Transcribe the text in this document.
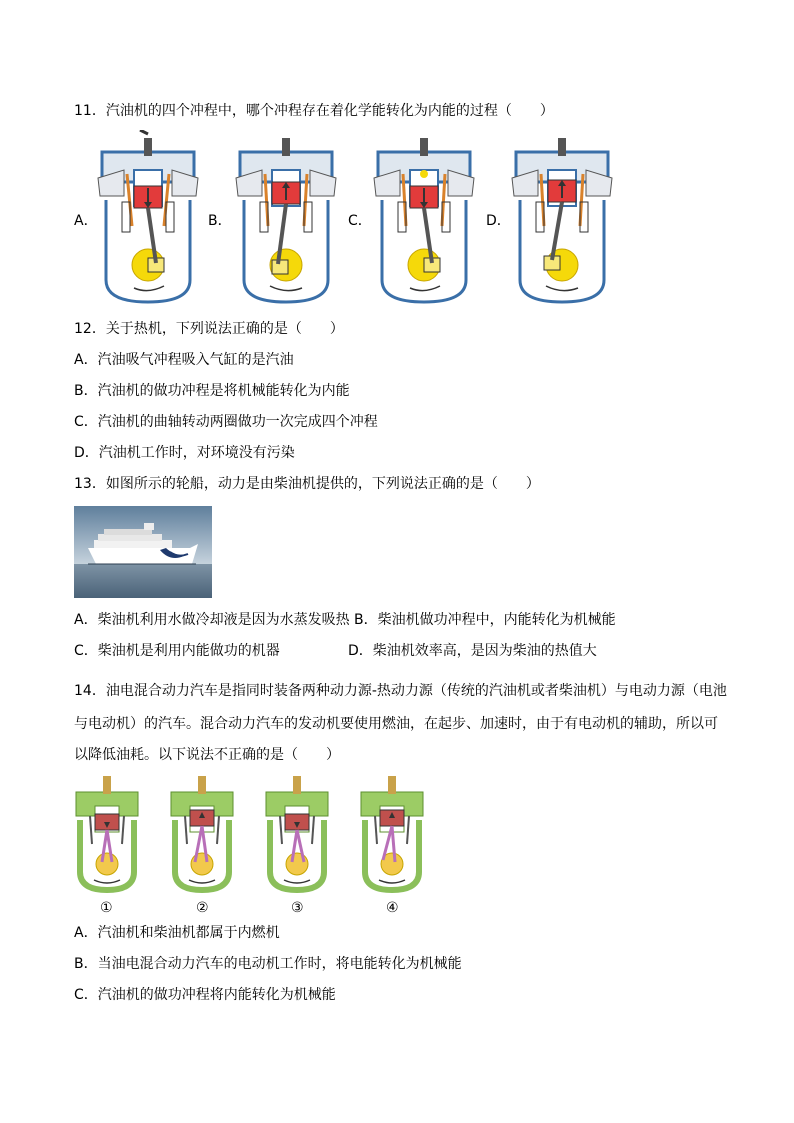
11．汽油机的四个冲程中，哪个冲程存在着化学能转化为内能的过程（　　）
A．	B．	C．	D．
12．关于热机，下列说法正确的是（　　）
A．汽油吸气冲程吸入气缸的是汽油
B．汽油机的做功冲程是将机械能转化为内能
C．汽油机的曲轴转动两圈做功一次完成四个冲程
D．汽油机工作时，对环境没有污染
13．如图所示的轮船，动力是由柴油机提供的，下列说法正确的是（　　）
A．柴油机利用水做冷却液是因为水蒸发吸热 B．柴油机做功冲程中，内能转化为机械能
C．柴油机是利用内能做功的机器	D．柴油机效率高，是因为柴油的热值大
14．油电混合动力汽车是指同时装备两种动力源-热动力源（传统的汽油机或者柴油机）与电动力源（电池
与电动机）的汽车。混合动力汽车的发动机要使用燃油，在起步、加速时，由于有电动机的辅助，所以可
以降低油耗。以下说法不正确的是（　　）
①	②	③	④
A．汽油机和柴油机都属于内燃机
B．当油电混合动力汽车的电动机工作时，将电能转化为机械能
C．汽油机的做功冲程将内能转化为机械能
